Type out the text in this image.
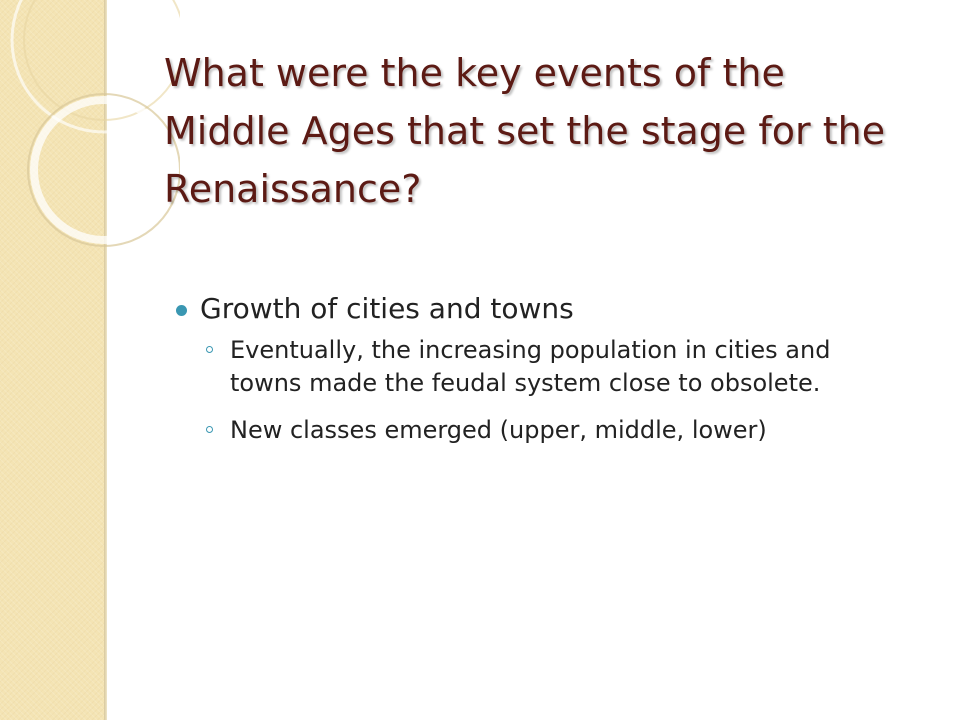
What were the key events of the Middle Ages that set the stage for the Renaissance?
Growth of cities and towns
Eventually, the increasing population in cities and towns made the feudal system close to obsolete.
New classes emerged (upper, middle, lower)
